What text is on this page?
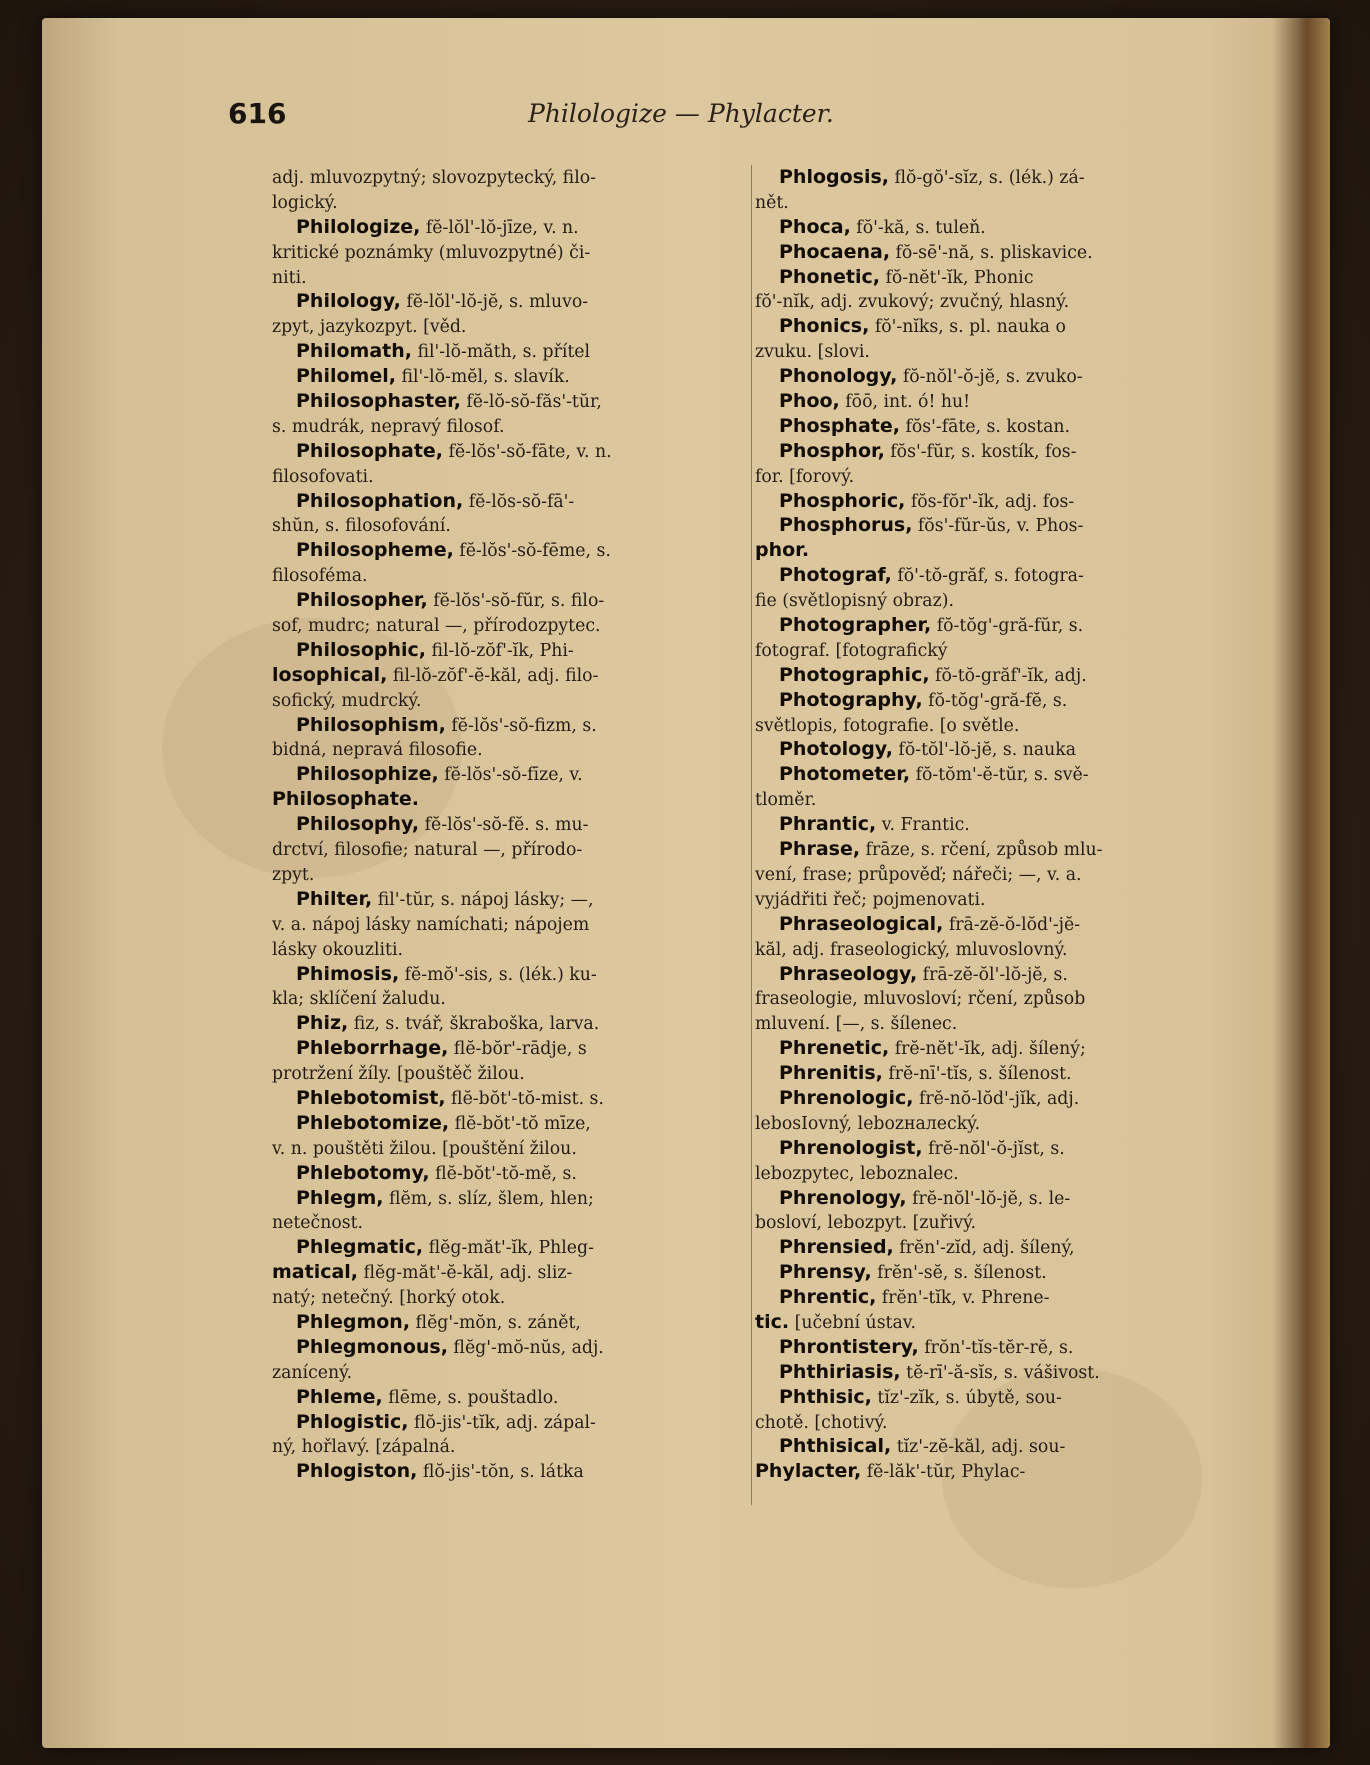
616	Philologize — Phylacter.
adj. mluvozpytný; slovozpytecký, filo-
logický.
Philologize, fĕ-lŏl'-lŏ-jīze, v. n.
kritické poznámky (mluvozpytné) či-
niti.
Philology, fĕ-lŏl'-lŏ-jĕ, s. mluvo-
zpyt, jazykozpyt. [věd.
Philomath, fil'-lŏ-măth, s. přítel
Philomel, fil'-lŏ-mĕl, s. slavík.
Philosophaster, fĕ-lŏ-sŏ-făs'-tŭr,
s. mudrák, nepravý filosof.
Philosophate, fĕ-lŏs'-sŏ-fāte, v. n.
filosofovati.
Philosophation, fĕ-lŏs-sŏ-fā'-
shŭn, s. filosofování.
Philosopheme, fĕ-lŏs'-sŏ-fēme, s.
filosoféma.
Philosopher, fĕ-lŏs'-sŏ-fŭr, s. filo-
sof, mudrc; natural —, přírodozpytec.
Philosophic, fil-lŏ-zŏf'-ĭk, Phi-
losophical, fil-lŏ-zŏf'-ĕ-kăl, adj. filo-
sofický, mudrcký.
Philosophism, fĕ-lŏs'-sŏ-fizm, s.
bidná, nepravá filosofie.
Philosophize, fĕ-lŏs'-sŏ-fīze, v.
Philosophate.
Philosophy, fĕ-lŏs'-sŏ-fĕ. s. mu-
drctví, filosofie; natural —, přírodo-
zpyt.
Philter, fil'-tŭr, s. nápoj lásky; —,
v. a. nápoj lásky namíchati; nápojem
lásky okouzliti.
Phimosis, fĕ-mŏ'-sis, s. (lék.) ku-
kla; sklíčení žaludu.
Phiz, fiz, s. tvář, škraboška, larva.
Phleborrhage, flĕ-bŏr'-rādje, s
protržení žíly. [pouštěč žilou.
Phlebotomist, flĕ-bŏt'-tŏ-mist. s.
Phlebotomize, flĕ-bŏt'-tŏ mīze,
v. n. pouštěti žilou. [pouštění žilou.
Phlebotomy, flĕ-bŏt'-tŏ-mĕ, s.
Phlegm, flĕm, s. slíz, šlem, hlen;
netečnost.
Phlegmatic, flĕg-măt'-ĭk, Phleg-
matical, flĕg-măt'-ĕ-kăl, adj. sliz-
natý; netečný. [horký otok.
Phlegmon, flĕg'-mŏn, s. zánět,
Phlegmonous, flĕg'-mŏ-nŭs, adj.
zanícený.
Phleme, flēme, s. pouštadlo.
Phlogistic, flŏ-jis'-tĭk, adj. zápal-
ný, hořlavý. [zápalná.
Phlogiston, flŏ-jis'-tŏn, s. látka
Phlogosis, flŏ-gŏ'-sĭz, s. (lék.) zá-
nět.
Phoca, fŏ'-kă, s. tuleň.
Phocaena, fŏ-sē'-nă, s. pliskavice.
Phonetic, fŏ-nĕt'-ĭk, Phonic
fŏ'-nĭk, adj. zvukový; zvučný, hlasný.
Phonics, fŏ'-nĭks, s. pl. nauka o
zvuku. [slovi.
Phonology, fŏ-nŏl'-ŏ-jĕ, s. zvuko-
Phoo, fōō, int. ó! hu!
Phosphate, fŏs'-fāte, s. kostan.
Phosphor, fŏs'-fŭr, s. kostík, fos-
for. [forový.
Phosphoric, fŏs-fŏr'-ĭk, adj. fos-
Phosphorus, fŏs'-fŭr-ŭs, v. Phos-
phor.
Photograf, fŏ'-tŏ-grăf, s. fotogra-
fie (světlopisný obraz).
Photographer, fŏ-tŏg'-gră-fŭr, s.
fotograf. [fotografický
Photographic, fŏ-tŏ-grăf'-ĭk, adj.
Photography, fŏ-tŏg'-gră-fĕ, s.
světlopis, fotografie. [o světle.
Photology, fŏ-tŏl'-lŏ-jĕ, s. nauka
Photometer, fŏ-tŏm'-ĕ-tŭr, s. svě-
tloměr.
Phrantic, v. Frantic.
Phrase, frāze, s. rčení, způsob mlu-
vení, frase; průpověď; nářeči; —, v. a.
vyjádřiti řeč; pojmenovati.
Phraseological, frā-zĕ-ŏ-lŏd'-jĕ-
kăl, adj. fraseologický, mluvoslovný.
Phraseology, frā-zĕ-ŏl'-lŏ-jĕ, s.
fraseologie, mluvosloví; rčení, způsob
mluvení. [—, s. šílenec.
Phrenetic, frĕ-nĕt'-ĭk, adj. šílený;
Phrenitis, frĕ-nī'-tĭs, s. šílenost.
Phrenologic, frĕ-nŏ-lŏd'-jĭk, adj.
lebosIovný, lebozналecký.
Phrenologist, frĕ-nŏl'-ŏ-jĭst, s.
lebozpytec, leboznalec.
Phrenology, frĕ-nŏl'-lŏ-jĕ, s. le-
bosloví, lebozpyt. [zuřivý.
Phrensied, frĕn'-zĭd, adj. šílený,
Phrensy, frĕn'-sĕ, s. šílenost.
Phrentic, frĕn'-tĭk, v. Phrene-
tic. [učební ústav.
Phrontistery, frŏn'-tĭs-tĕr-rĕ, s.
Phthiriasis, tĕ-rī'-ă-sĭs, s. vášivost.
Phthisic, tĭz'-zĭk, s. úbytě, sou-
chotě. [chotivý.
Phthisical, tĭz'-zĕ-kăl, adj. sou-
Phylacter, fĕ-lăk'-tŭr, Phylac-
